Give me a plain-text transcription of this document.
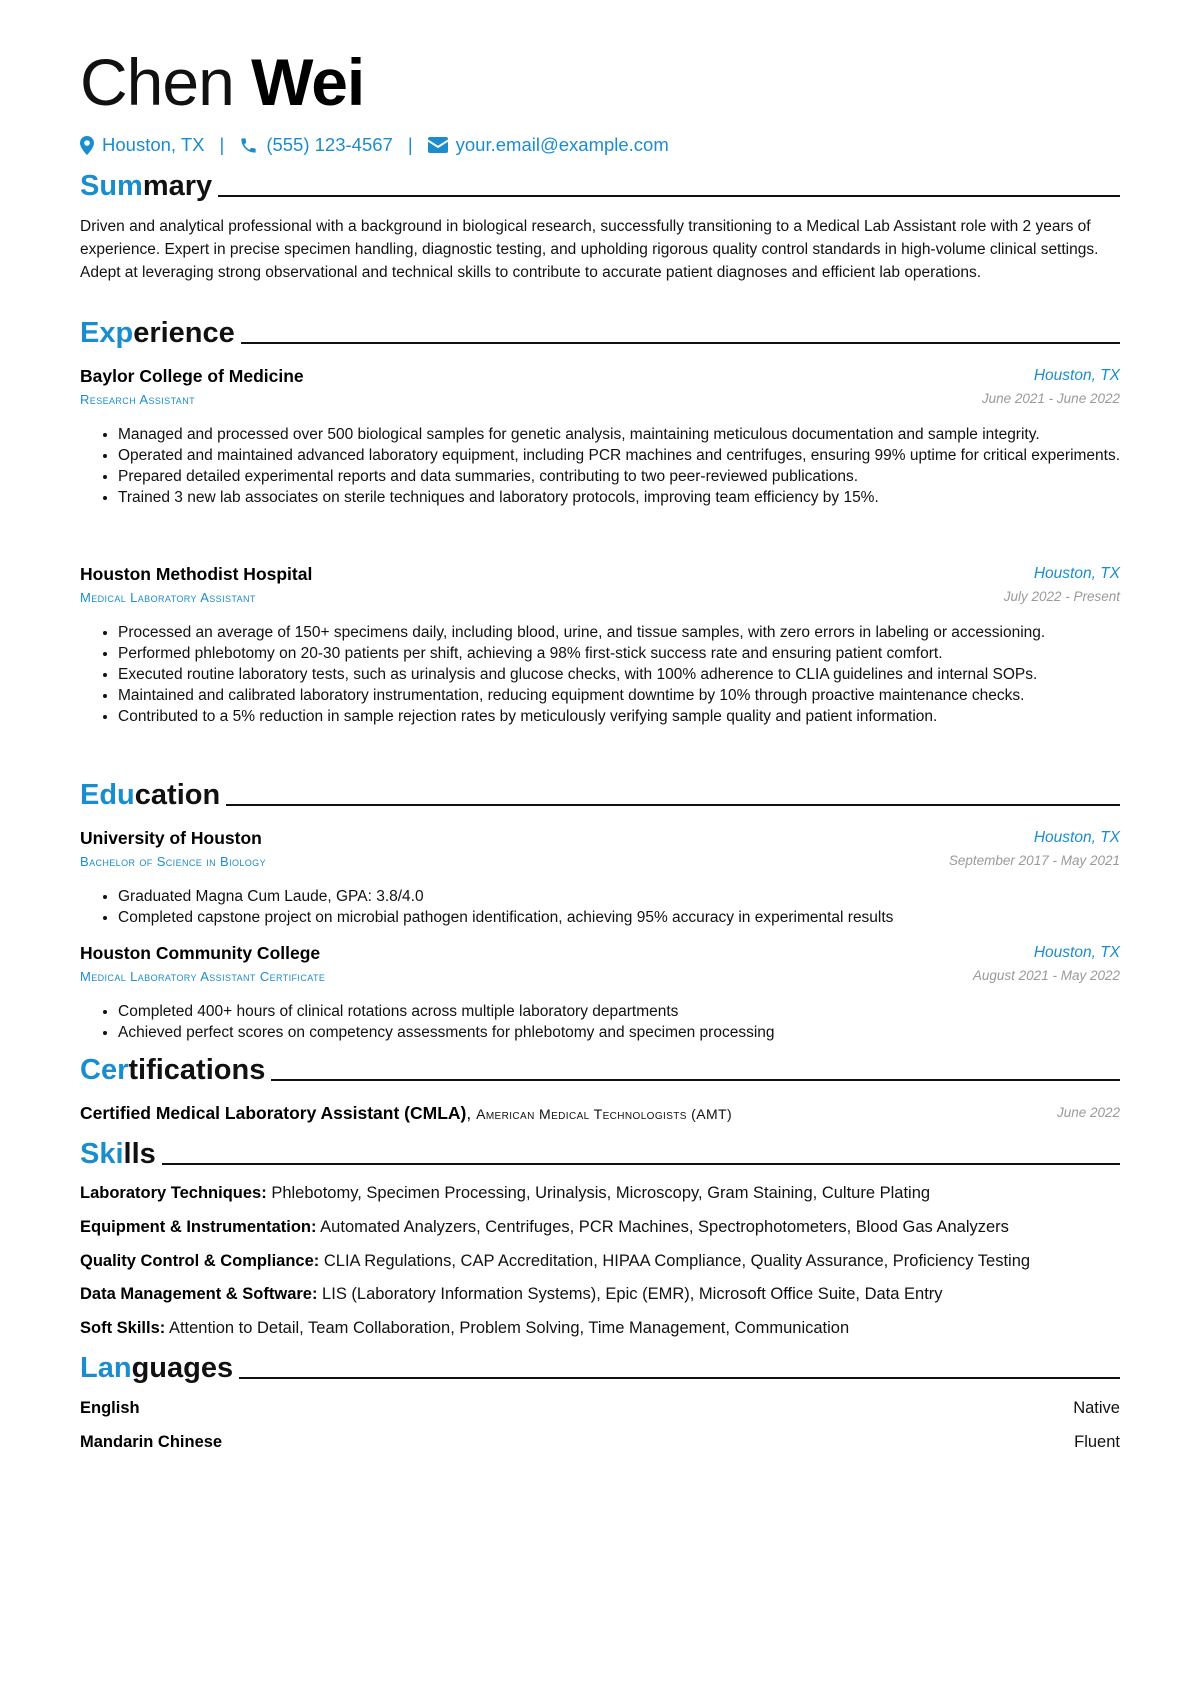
Chen Wei
Houston, TX | (555) 123-4567 | your.email@example.com
Summary
Driven and analytical professional with a background in biological research, successfully transitioning to a Medical Lab Assistant role with 2 years of experience. Expert in precise specimen handling, diagnostic testing, and upholding rigorous quality control standards in high-volume clinical settings. Adept at leveraging strong observational and technical skills to contribute to accurate patient diagnoses and efficient lab operations.
Experience
Baylor College of Medicine	Houston, TX
Research Assistant	June 2021 - June 2022
• Managed and processed over 500 biological samples for genetic analysis, maintaining meticulous documentation and sample integrity.
• Operated and maintained advanced laboratory equipment, including PCR machines and centrifuges, ensuring 99% uptime for critical experiments.
• Prepared detailed experimental reports and data summaries, contributing to two peer-reviewed publications.
• Trained 3 new lab associates on sterile techniques and laboratory protocols, improving team efficiency by 15%.
Houston Methodist Hospital	Houston, TX
Medical Laboratory Assistant	July 2022 - Present
• Processed an average of 150+ specimens daily, including blood, urine, and tissue samples, with zero errors in labeling or accessioning.
• Performed phlebotomy on 20-30 patients per shift, achieving a 98% first-stick success rate and ensuring patient comfort.
• Executed routine laboratory tests, such as urinalysis and glucose checks, with 100% adherence to CLIA guidelines and internal SOPs.
• Maintained and calibrated laboratory instrumentation, reducing equipment downtime by 10% through proactive maintenance checks.
• Contributed to a 5% reduction in sample rejection rates by meticulously verifying sample quality and patient information.
Education
University of Houston	Houston, TX
Bachelor of Science in Biology	September 2017 - May 2021
• Graduated Magna Cum Laude, GPA: 3.8/4.0
• Completed capstone project on microbial pathogen identification, achieving 95% accuracy in experimental results
Houston Community College	Houston, TX
Medical Laboratory Assistant Certificate	August 2021 - May 2022
• Completed 400+ hours of clinical rotations across multiple laboratory departments
• Achieved perfect scores on competency assessments for phlebotomy and specimen processing
Certifications
Certified Medical Laboratory Assistant (CMLA), American Medical Technologists (AMT)	June 2022
Skills
Laboratory Techniques: Phlebotomy, Specimen Processing, Urinalysis, Microscopy, Gram Staining, Culture Plating
Equipment & Instrumentation: Automated Analyzers, Centrifuges, PCR Machines, Spectrophotometers, Blood Gas Analyzers
Quality Control & Compliance: CLIA Regulations, CAP Accreditation, HIPAA Compliance, Quality Assurance, Proficiency Testing
Data Management & Software: LIS (Laboratory Information Systems), Epic (EMR), Microsoft Office Suite, Data Entry
Soft Skills: Attention to Detail, Team Collaboration, Problem Solving, Time Management, Communication
Languages
English	Native
Mandarin Chinese	Fluent
